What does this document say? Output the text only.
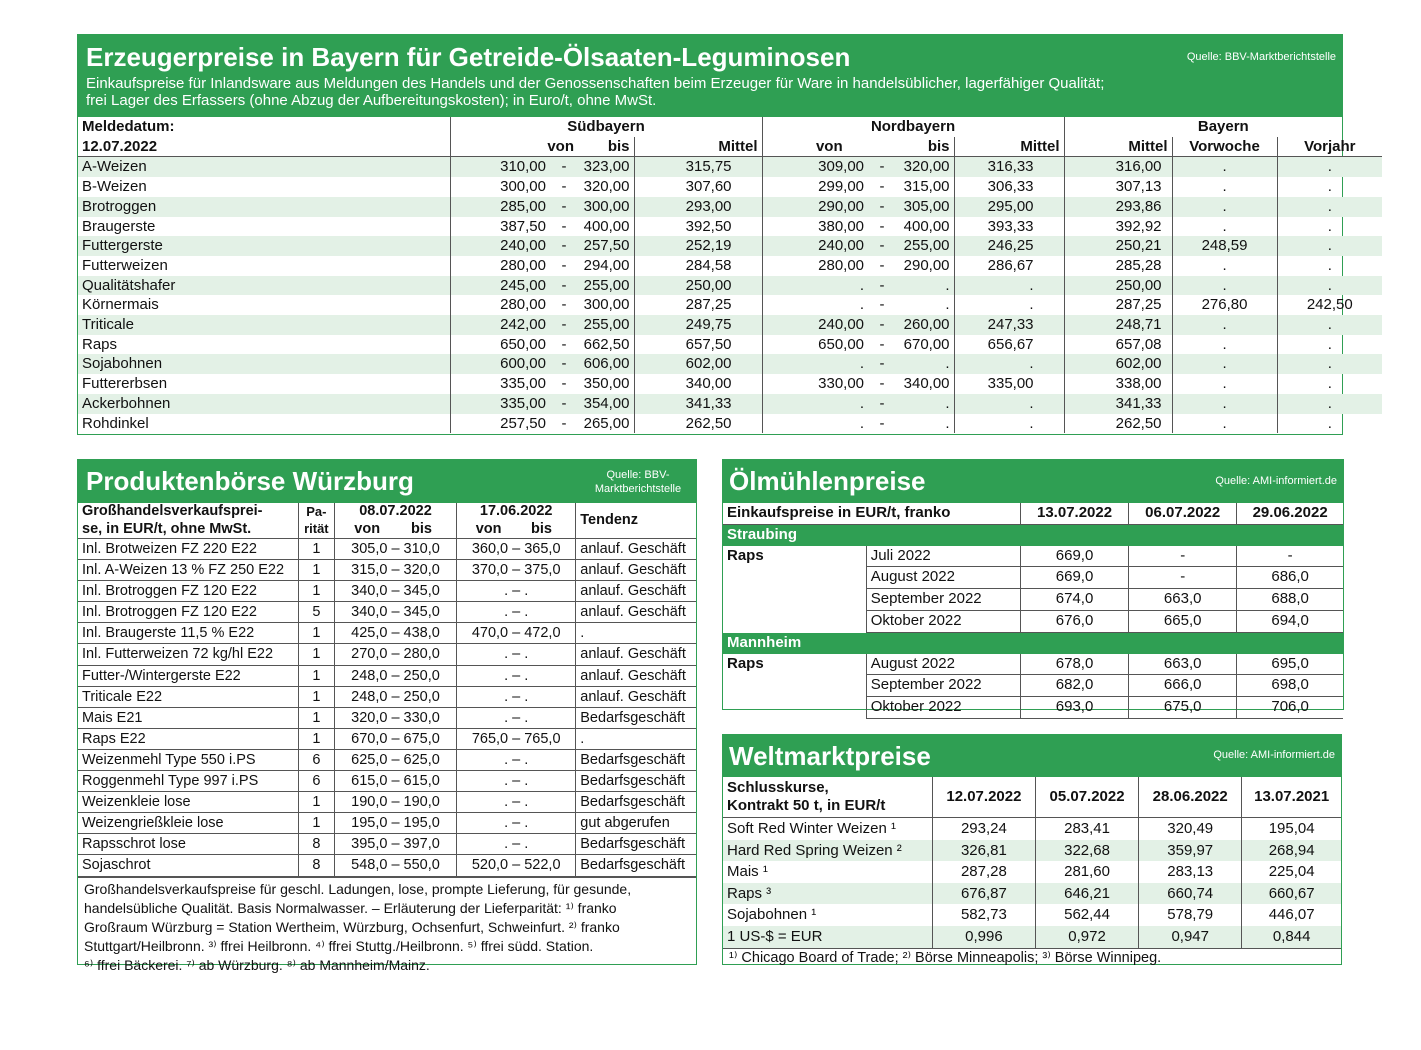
Erzeugerpreise in Bayern für Getreide-Ölsaaten-Leguminosen	Quelle: BBV-Marktberichtstelle
Einkaufspreise für Inlandsware aus Meldungen des Handels und der Genossenschaften beim Erzeuger für Ware in handelsüblicher, lagerfähiger Qualität;
frei Lager des Erfassers (ohne Abzug der Aufbereitungskosten); in Euro/t, ohne MwSt.
Meldedatum:	Südbayern				Nordbayern				Bayern		
12.07.2022	von		bis	Mittel	von		bis	Mittel	Mittel	Vorwoche	Vorjahr
A-Weizen	310,00	-	323,00	315,75	309,00	-	320,00	316,33	316,00	.	.
B-Weizen	300,00	-	320,00	307,60	299,00	-	315,00	306,33	307,13	.	.
Brotroggen	285,00	-	300,00	293,00	290,00	-	305,00	295,00	293,86	.	.
Braugerste	387,50	-	400,00	392,50	380,00	-	400,00	393,33	392,92	.	.
Futtergerste	240,00	-	257,50	252,19	240,00	-	255,00	246,25	250,21	248,59	.
Futterweizen	280,00	-	294,00	284,58	280,00	-	290,00	286,67	285,28	.	.
Qualitätshafer	245,00	-	255,00	250,00	.	-	.	.	250,00	.	.
Körnermais	280,00	-	300,00	287,25	.	-	.	.	287,25	276,80	242,50
Triticale	242,00	-	255,00	249,75	240,00	-	260,00	247,33	248,71	.	.
Raps	650,00	-	662,50	657,50	650,00	-	670,00	656,67	657,08	.	.
Sojabohnen	600,00	-	606,00	602,00	.	-	.	.	602,00	.	.
Futtererbsen	335,00	-	350,00	340,00	330,00	-	340,00	335,00	338,00	.	.
Ackerbohnen	335,00	-	354,00	341,33	.	-	.	.	341,33	.	.
Rohdinkel	257,50	-	265,00	262,50	.	-	.	.	262,50	.	.
Produktenbörse Würzburg	Quelle: BBV-
Marktberichtstelle
Großhandelsverkaufsprei-	Pa-	08.07.2022	17.06.2022	Tendenz
se, in EUR/t, ohne MwSt.	rität	von bis	von bis	
Inl. Brotweizen FZ 220 E22	1	305,0 – 310,0	360,0 – 365,0	anlauf. Geschäft
Inl. A-Weizen 13 % FZ 250 E22	1	315,0 – 320,0	370,0 – 375,0	anlauf. Geschäft
Inl. Brotroggen FZ 120 E22	1	340,0 – 345,0	. – .	anlauf. Geschäft
Inl. Brotroggen FZ 120 E22	5	340,0 – 345,0	. – .	anlauf. Geschäft
Inl. Braugerste 11,5 % E22	1	425,0 – 438,0	470,0 – 472,0	.
Inl. Futterweizen 72 kg/hl E22	1	270,0 – 280,0	. – .	anlauf. Geschäft
Futter-/Wintergerste E22	1	248,0 – 250,0	. – .	anlauf. Geschäft
Triticale E22	1	248,0 – 250,0	. – .	anlauf. Geschäft
Mais E21	1	320,0 – 330,0	. – .	Bedarfsgeschäft
Raps E22	1	670,0 – 675,0	765,0 – 765,0	.
Weizenmehl Type 550 i.PS	6	625,0 – 625,0	. – .	Bedarfsgeschäft
Roggenmehl Type 997 i.PS	6	615,0 – 615,0	. – .	Bedarfsgeschäft
Weizenkleie lose	1	190,0 – 190,0	. – .	Bedarfsgeschäft
Weizengrießkleie lose	1	195,0 – 195,0	. – .	gut abgerufen
Rapsschrot lose	8	395,0 – 397,0	. – .	Bedarfsgeschäft
Sojaschrot	8	548,0 – 550,0	520,0 – 522,0	Bedarfsgeschäft
Großhandelsverkaufspreise für geschl. Ladungen, lose, prompte Lieferung, für gesunde,
handelsübliche Qualität. Basis Normalwasser. – Erläuterung der Lieferparität: ¹⁾ franko
Großraum Würzburg = Station Wertheim, Würzburg, Ochsenfurt, Schweinfurt. ²⁾ franko
Stuttgart/Heilbronn. ³⁾ ffrei Heilbronn. ⁴⁾ ffrei Stuttg./Heilbronn. ⁵⁾ ffrei südd. Station.
⁶⁾ ffrei Bäckerei. ⁷⁾ ab Würzburg. ⁸⁾ ab Mannheim/Mainz.
Ölmühlenpreise	Quelle: AMI-informiert.de
Einkaufspreise in EUR/t, franko		13.07.2022	06.07.2022	29.06.2022
Straubing				
Raps	Juli 2022	669,0	-	-
	August 2022	669,0	-	686,0
	September 2022	674,0	663,0	688,0
	Oktober 2022	676,0	665,0	694,0
Mannheim				
Raps	August 2022	678,0	663,0	695,0
	September 2022	682,0	666,0	698,0
	Oktober 2022	693,0	675,0	706,0
Weltmarktpreise	Quelle: AMI-informiert.de
Schlusskurse,
Kontrakt 50 t, in EUR/t	12.07.2022	05.07.2022	28.06.2022	13.07.2021
Soft Red Winter Weizen ¹	293,24	283,41	320,49	195,04
Hard Red Spring Weizen ²	326,81	322,68	359,97	268,94
Mais ¹	287,28	281,60	283,13	225,04
Raps ³	676,87	646,21	660,74	660,67
Sojabohnen ¹	582,73	562,44	578,79	446,07
1 US-$ = EUR	0,996	0,972	0,947	0,844
¹⁾ Chicago Board of Trade; ²⁾ Börse Minneapolis; ³⁾ Börse Winnipeg.
